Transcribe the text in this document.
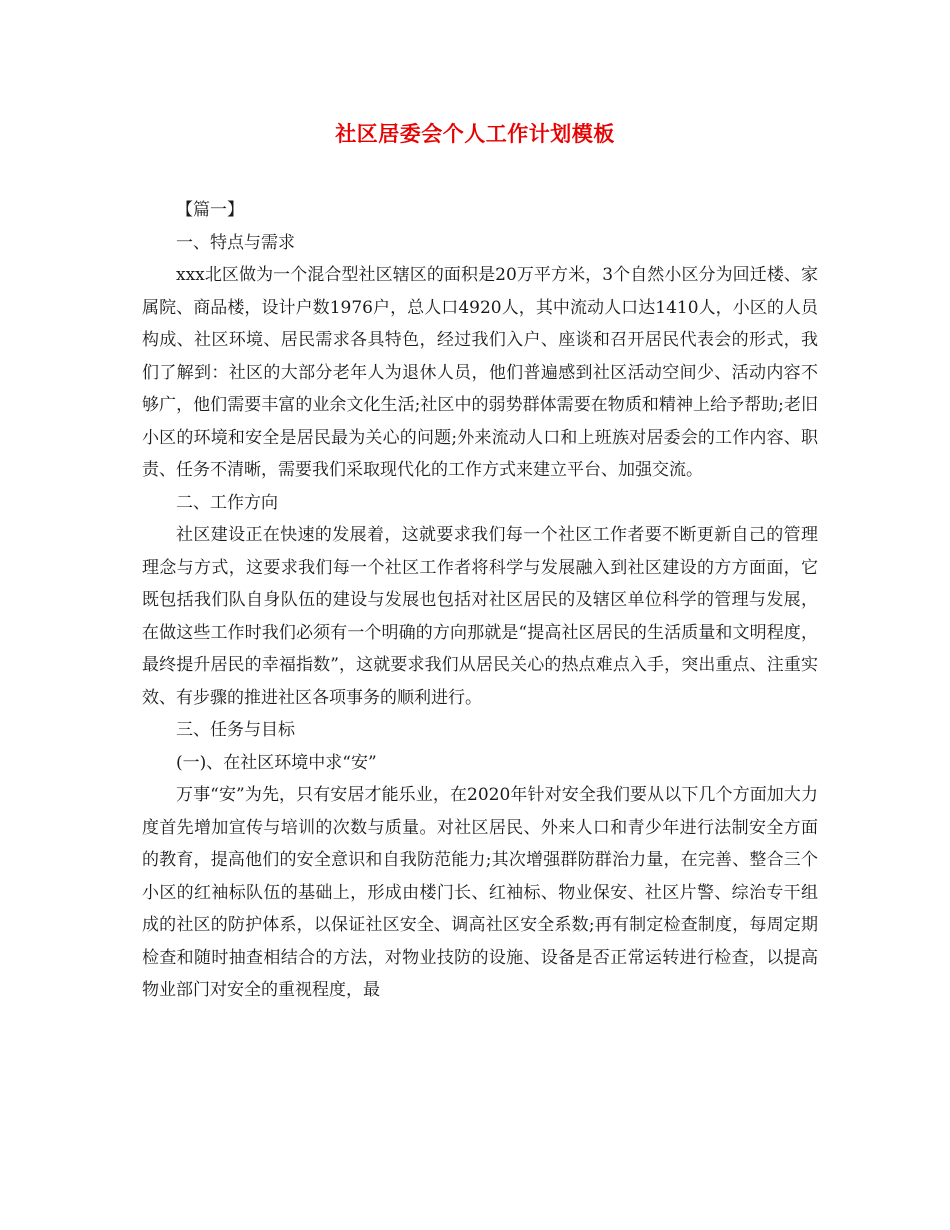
社区居委会个人工作计划模板

【篇一】

一、特点与需求

xxx北区做为一个混合型社区辖区的面积是20万平方米，3个自然小区分为回迁楼、家属院、商品楼，设计户数1976户，总人口4920人，其中流动人口达1410人，小区的人员构成、社区环境、居民需求各具特色，经过我们入户、座谈和召开居民代表会的形式，我们了解到：社区的大部分老年人为退休人员，他们普遍感到社区活动空间少、活动内容不够广，他们需要丰富的业余文化生活;社区中的弱势群体需要在物质和精神上给予帮助;老旧小区的环境和安全是居民最为关心的问题;外来流动人口和上班族对居委会的工作内容、职责、任务不清晰，需要我们采取现代化的工作方式来建立平台、加强交流。

二、工作方向

社区建设正在快速的发展着，这就要求我们每一个社区工作者要不断更新自己的管理理念与方式，这要求我们每一个社区工作者将科学与发展融入到社区建设的方方面面，它既包括我们队自身队伍的建设与发展也包括对社区居民的及辖区单位科学的管理与发展，在做这些工作时我们必须有一个明确的方向那就是“提高社区居民的生活质量和文明程度，最终提升居民的幸福指数”，这就要求我们从居民关心的热点难点入手，突出重点、注重实效、有步骤的推进社区各项事务的顺利进行。

三、任务与目标

(一)、在社区环境中求“安”

万事“安”为先，只有安居才能乐业，在2020年针对安全我们要从以下几个方面加大力度首先增加宣传与培训的次数与质量。对社区居民、外来人口和青少年进行法制安全方面的教育，提高他们的安全意识和自我防范能力;其次增强群防群治力量，在完善、整合三个小区的红袖标队伍的基础上，形成由楼门长、红袖标、物业保安、社区片警、综治专干组成的社区的防护体系，以保证社区安全、调高社区安全系数;再有制定检查制度，每周定期检查和随时抽查相结合的方法，对物业技防的设施、设备是否正常运转进行检查，以提高物业部门对安全的重视程度，最
